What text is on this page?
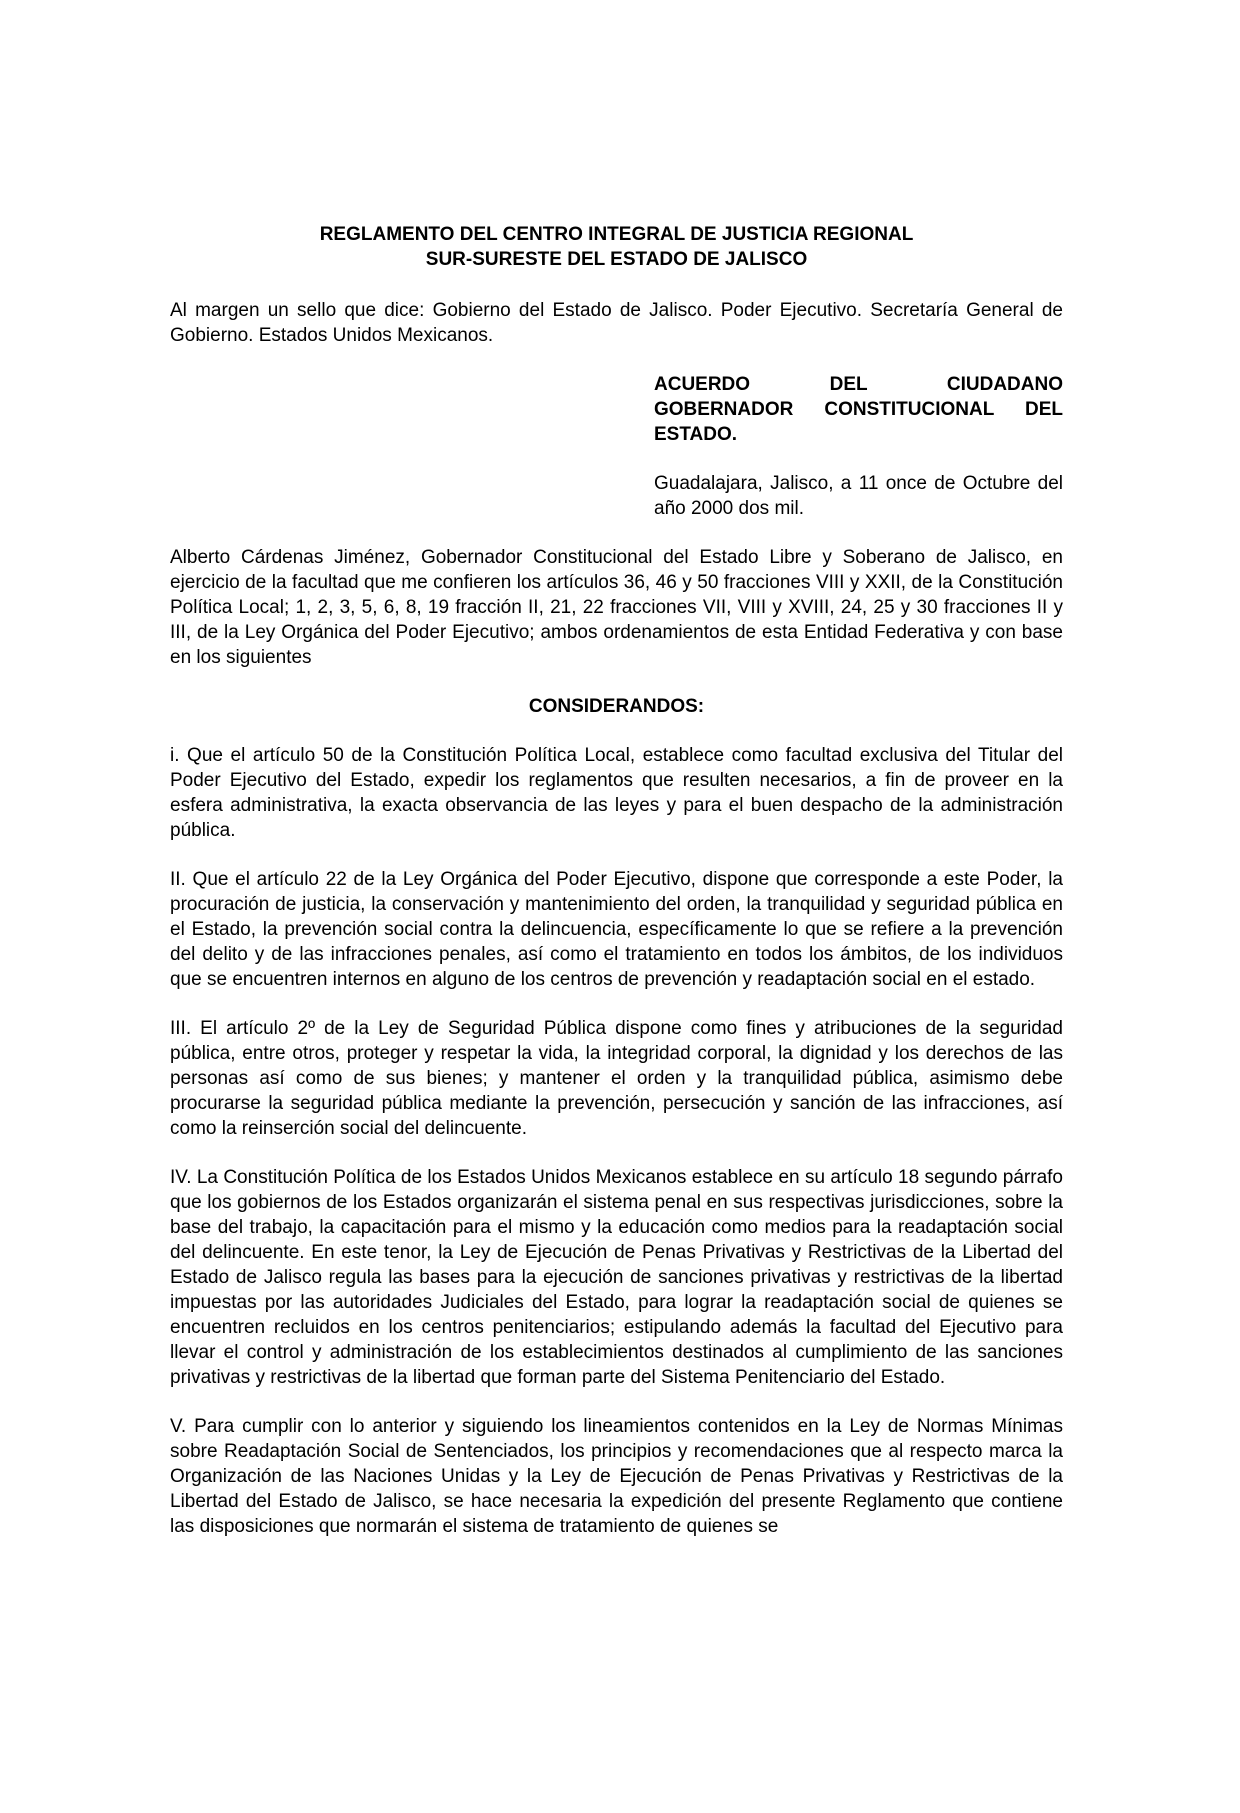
REGLAMENTO DEL CENTRO INTEGRAL DE JUSTICIA REGIONAL

SUR-SURESTE DEL ESTADO DE JALISCO

Al margen un sello que dice: Gobierno del Estado de Jalisco. Poder Ejecutivo. Secretaría General de Gobierno. Estados Unidos Mexicanos.

ACUERDO DEL CIUDADANO
GOBERNADOR CONSTITUCIONAL DEL
ESTADO.

Guadalajara, Jalisco, a 11 once de Octubre del año 2000 dos mil.

Alberto Cárdenas Jiménez, Gobernador Constitucional del Estado Libre y Soberano de Jalisco, en ejercicio de la facultad que me confieren los artículos 36, 46 y 50 fracciones VIII y XXII, de la Constitución Política Local; 1, 2, 3, 5, 6, 8, 19 fracción II, 21, 22 fracciones VII, VIII y XVIII, 24, 25 y 30 fracciones II y III, de la Ley Orgánica del Poder Ejecutivo; ambos ordenamientos de esta Entidad Federativa y con base en los siguientes

CONSIDERANDOS:

i. Que el artículo 50 de la Constitución Política Local, establece como facultad exclusiva del Titular del Poder Ejecutivo del Estado, expedir los reglamentos que resulten necesarios, a fin de proveer en la esfera administrativa, la exacta observancia de las leyes y para el buen despacho de la administración pública.

II. Que el artículo 22 de la Ley Orgánica del Poder Ejecutivo, dispone que corresponde a este Poder, la procuración de justicia, la conservación y mantenimiento del orden, la tranquilidad y seguridad pública en el Estado, la prevención social contra la delincuencia, específicamente lo que se refiere a la prevención del delito y de las infracciones penales, así como el tratamiento en todos los ámbitos, de los individuos que se encuentren internos en alguno de los centros de prevención y readaptación social en el estado.

III. El artículo 2º de la Ley de Seguridad Pública dispone como fines y atribuciones de la seguridad pública, entre otros, proteger y respetar la vida, la integridad corporal, la dignidad y los derechos de las personas así como de sus bienes; y mantener el orden y la tranquilidad pública, asimismo debe procurarse la seguridad pública mediante la prevención, persecución y sanción de las infracciones, así como la reinserción social del delincuente.

IV. La Constitución Política de los Estados Unidos Mexicanos establece en su artículo 18 segundo párrafo que los gobiernos de los Estados organizarán el sistema penal en sus respectivas jurisdicciones, sobre la base del trabajo, la capacitación para el mismo y la educación como medios para la readaptación social del delincuente. En este tenor, la Ley de Ejecución de Penas Privativas y Restrictivas de la Libertad del Estado de Jalisco regula las bases para la ejecución de sanciones privativas y restrictivas de la libertad impuestas por las autoridades Judiciales del Estado, para lograr la readaptación social de quienes se encuentren recluidos en los centros penitenciarios; estipulando además la facultad del Ejecutivo para llevar el control y administración de los establecimientos destinados al cumplimiento de las sanciones privativas y restrictivas de la libertad que forman parte del Sistema Penitenciario del Estado.

V. Para cumplir con lo anterior y siguiendo los lineamientos contenidos en la Ley de Normas Mínimas sobre Readaptación Social de Sentenciados, los principios y recomendaciones que al respecto marca la Organización de las Naciones Unidas y la Ley de Ejecución de Penas Privativas y Restrictivas de la Libertad del Estado de Jalisco, se hace necesaria la expedición del presente Reglamento que contiene las disposiciones que normarán el sistema de tratamiento de quienes se
